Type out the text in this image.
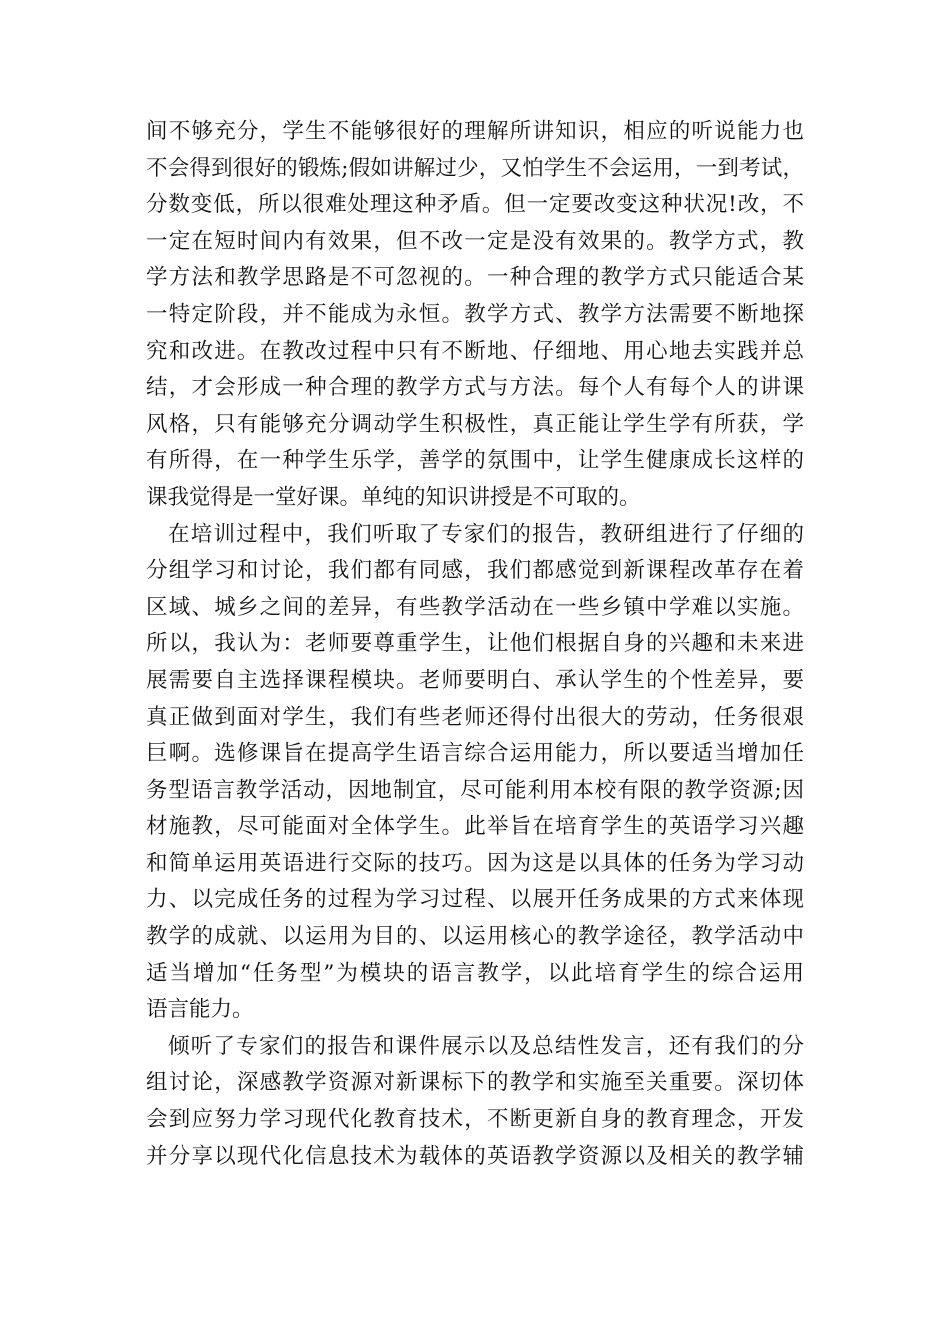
间不够充分，学生不能够很好的理解所讲知识，相应的听说能力也
不会得到很好的锻炼;假如讲解过少，又怕学生不会运用，一到考试，
分数变低，所以很难处理这种矛盾。但一定要改变这种状况!改，不
一定在短时间内有效果，但不改一定是没有效果的。教学方式，教
学方法和教学思路是不可忽视的。一种合理的教学方式只能适合某
一特定阶段，并不能成为永恒。教学方式、教学方法需要不断地探
究和改进。在教改过程中只有不断地、仔细地、用心地去实践并总
结，才会形成一种合理的教学方式与方法。每个人有每个人的讲课
风格，只有能够充分调动学生积极性，真正能让学生学有所获，学
有所得，在一种学生乐学，善学的氛围中，让学生健康成长这样的
课我觉得是一堂好课。单纯的知识讲授是不可取的。

在培训过程中，我们听取了专家们的报告，教研组进行了仔细的
分组学习和讨论，我们都有同感，我们都感觉到新课程改革存在着
区域、城乡之间的差异，有些教学活动在一些乡镇中学难以实施。
所以，我认为：老师要尊重学生，让他们根据自身的兴趣和未来进
展需要自主选择课程模块。老师要明白、承认学生的个性差异，要
真正做到面对学生，我们有些老师还得付出很大的劳动，任务很艰
巨啊。选修课旨在提高学生语言综合运用能力，所以要适当增加任
务型语言教学活动，因地制宜，尽可能利用本校有限的教学资源;因
材施教，尽可能面对全体学生。此举旨在培育学生的英语学习兴趣
和简单运用英语进行交际的技巧。因为这是以具体的任务为学习动
力、以完成任务的过程为学习过程、以展开任务成果的方式来体现
教学的成就、以运用为目的、以运用核心的教学途径，教学活动中
适当增加“任务型”为模块的语言教学，以此培育学生的综合运用
语言能力。

倾听了专家们的报告和课件展示以及总结性发言，还有我们的分
组讨论，深感教学资源对新课标下的教学和实施至关重要。深切体
会到应努力学习现代化教育技术，不断更新自身的教育理念，开发
并分享以现代化信息技术为载体的英语教学资源以及相关的教学辅
